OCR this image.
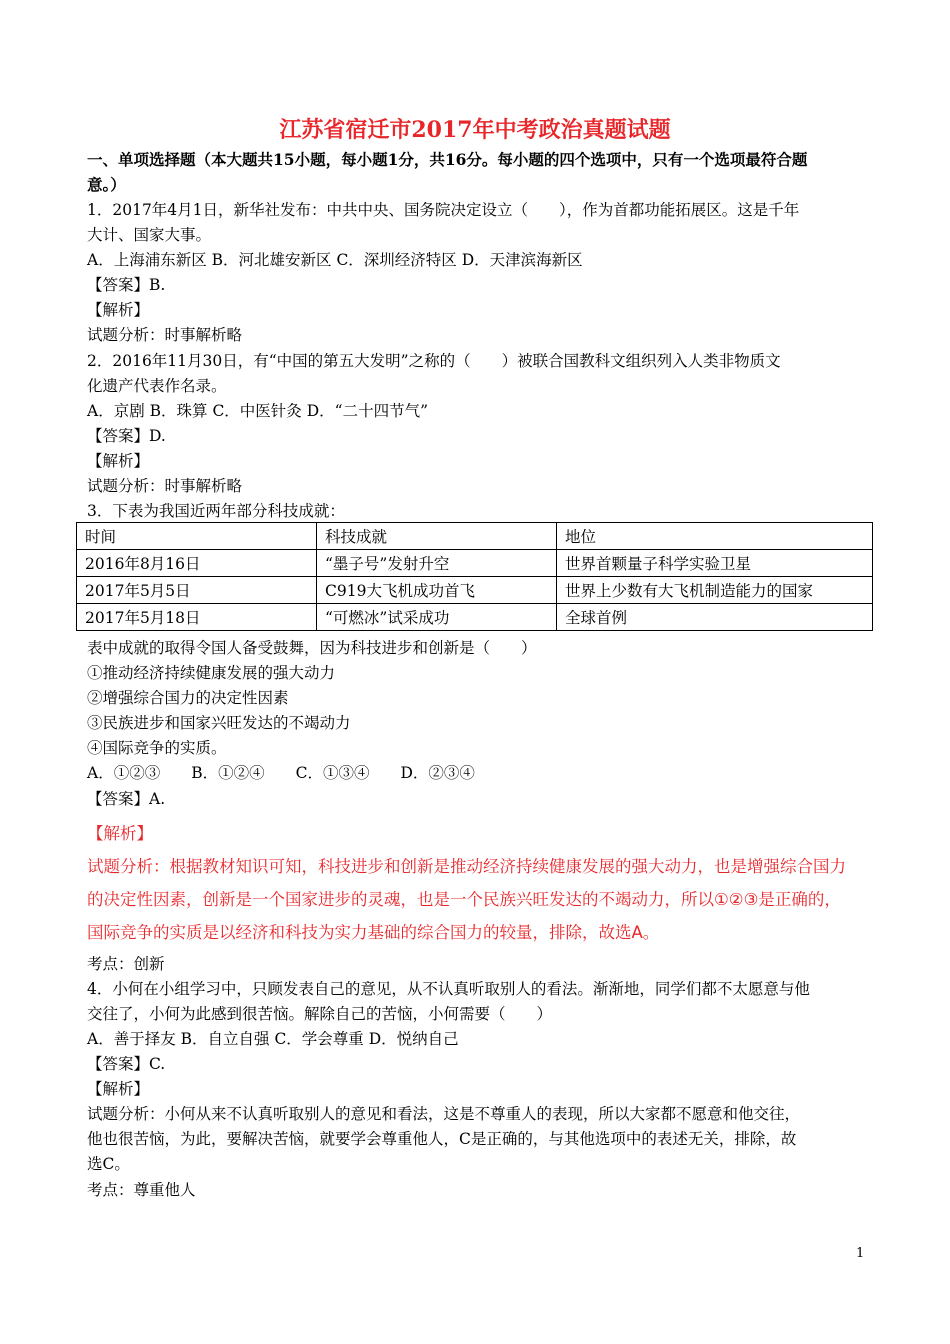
江苏省宿迁市2017年中考政治真题试题
一、单项选择题（本大题共15小题，每小题1分，共16分。每小题的四个选项中，只有一个选项最符合题
意。）
1．2017年4月1日，新华社发布：中共中央、国务院决定设立（　　），作为首都功能拓展区。这是千年
大计、国家大事。
A．上海浦东新区 B．河北雄安新区 C．深圳经济特区 D．天津滨海新区
【答案】B.
【解析】
试题分析：时事解析略
2．2016年11月30日，有“中国的第五大发明”之称的（　　）被联合国教科文组织列入人类非物质文
化遗产代表作名录。
A．京剧 B．珠算 C．中医针灸 D．“二十四节气”
【答案】D.
【解析】
试题分析：时事解析略
3．下表为我国近两年部分科技成就：
时间	科技成就	地位
2016年8月16日	“墨子号”发射升空	世界首颗量子科学实验卫星
2017年5月5日	C919大飞机成功首飞	世界上少数有大飞机制造能力的国家
2017年5月18日	“可燃冰”试采成功	全球首例
表中成就的取得令国人备受鼓舞，因为科技进步和创新是（　　）
①推动经济持续健康发展的强大动力
②增强综合国力的决定性因素
③民族进步和国家兴旺发达的不竭动力
④国际竞争的实质。
A．①②③　　B．①②④　　C．①③④　　D．②③④
【答案】A.
【解析】
试题分析：根据教材知识可知，科技进步和创新是推动经济持续健康发展的强大动力，也是增强综合国力
的决定性因素，创新是一个国家进步的灵魂，也是一个民族兴旺发达的不竭动力，所以①②③是正确的，
国际竞争的实质是以经济和科技为实力基础的综合国力的较量，排除，故选A。
考点：创新
4．小何在小组学习中，只顾发表自己的意见，从不认真听取别人的看法。渐渐地，同学们都不太愿意与他
交往了，小何为此感到很苦恼。解除自己的苦恼，小何需要（　　）
A．善于择友 B．自立自强 C．学会尊重 D．悦纳自己
【答案】C.
【解析】
试题分析：小何从来不认真听取别人的意见和看法，这是不尊重人的表现，所以大家都不愿意和他交往，
他也很苦恼，为此，要解决苦恼，就要学会尊重他人，C是正确的，与其他选项中的表述无关，排除，故
选C。
考点：尊重他人
1
